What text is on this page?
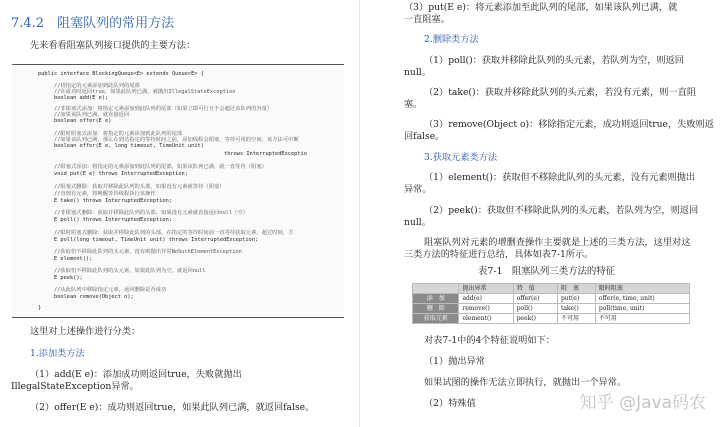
7.4.2　阻塞队列的常用方法
先来看看阻塞队列接口提供的主要方法：
public interface BlockingQueue<E> extends Queue<E> {
//将指定的元素添加到此队列的尾部
//在成功时返回true，如果此队列已满，就抛出IllegalStateException
boolean add(E e);
//非阻塞式添加：将指定元素添加到此队列的尾部（如果立即可行且不会超过该队列的容量）
//如果该队列已满，就直接返回
boolean offer(E e)
//限时阻塞式添加：将指定的元素添加到此队列的尾部
//如果该队列已满，那么在到达指定的等待时间之前，添加线程会阻塞，等待可用的空间，该方法可中断
boolean offer(E e, long timeout, TimeUnit unit)
throws InterruptedExceptio
//阻塞式添加：将指定的元素添加到此队列的尾部，如果该队列已满，就一直等待（阻塞）
void put(E e) throws InterruptedException;
//阻塞式删除：获取并移除此队列的头部，如果没有元素就等待（阻塞）
//直到有元素，将唤醒等待线程执行该操作
E take() throws InterruptedException;
//非阻塞式删除：获取并移除此队列的头部，如果没有元素就直接返回null（空）
E poll() throws InterruptedException;
//限时阻塞式删除：获取并移除此队列的头部，在指定的等待时间前一直等待获取元素，超过时间，方
E poll(long timeout, TimeUnit unit) throws InterruptedException;
//获取但不移除此队列的头元素，没有则抛出异常NoSuchElementException
E element();
//获取但不移除此队列的头元素，如果此队列为空，就返回null
E peek();
//从此队列中移除指定元素，返回删除是否成功
boolean remove(Object o);
}
这里对上述操作进行分类：
1.添加类方法
（1）add(E e)：添加成功则返回true，失败就抛出
IllegalStateException异常。
（2）offer(E e)：成功则返回true，如果此队列已满，就返回false。
（3）put(E e)：将元素添加至此队列的尾部，如果该队列已满，就
一直阻塞。
2.删除类方法
（1）poll()：获取并移除此队列的头元素，若队列为空，则返回
null。
（2）take()：获取并移除此队列的头元素，若没有元素，则一直阻
塞。
（3）remove(Object o)：移除指定元素，成功则返回true，失败则返
回false。
3.获取元素类方法
（1）element()：获取但不移除此队列的头元素，没有元素则抛出
异常。
（2）peek()：获取但不移除此队列的头元素，若队列为空，则返回
null。
阻塞队列对元素的增删查操作主要就是上述的三类方法，这里对这
三类方法的特征进行总结，具体如表7-1所示。
表7-1　阻塞队列三类方法的特征
	抛出异常	特　值	阻　塞	限时阻塞
添　加	add(e)	offer(e)	put(e)	offer(e, time, unit)
删　除	remove()	poll()	take()	poll(time, unit)
获取元素	element()	peek()	不可用	不可用
对表7-1中的4个特征说明如下：
（1）抛出异常
如果试图的操作无法立即执行，就抛出一个异常。
（2）特殊值	知乎 @Java码农
